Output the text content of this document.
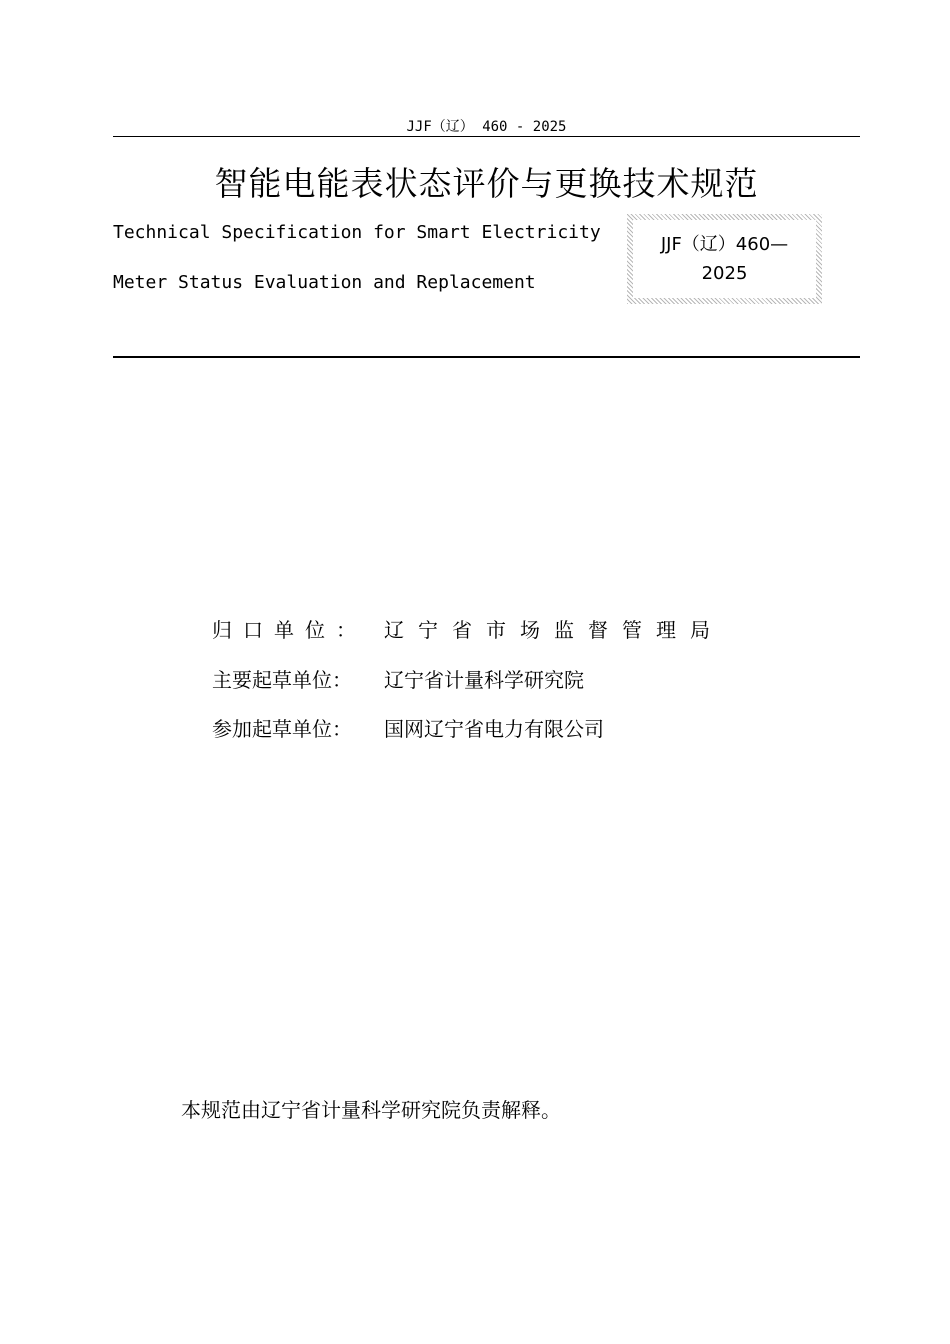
JJF（辽） 460 - 2025
智能电能表状态评价与更换技术规范
Technical Specification for Smart Electricity
Meter Status Evaluation and Replacement
JJF（辽）460—
2025
归口单位： 辽宁省市场监督管理局
主要起草单位： 辽宁省计量科学研究院
参加起草单位： 国网辽宁省电力有限公司
本规范由辽宁省计量科学研究院负责解释。
